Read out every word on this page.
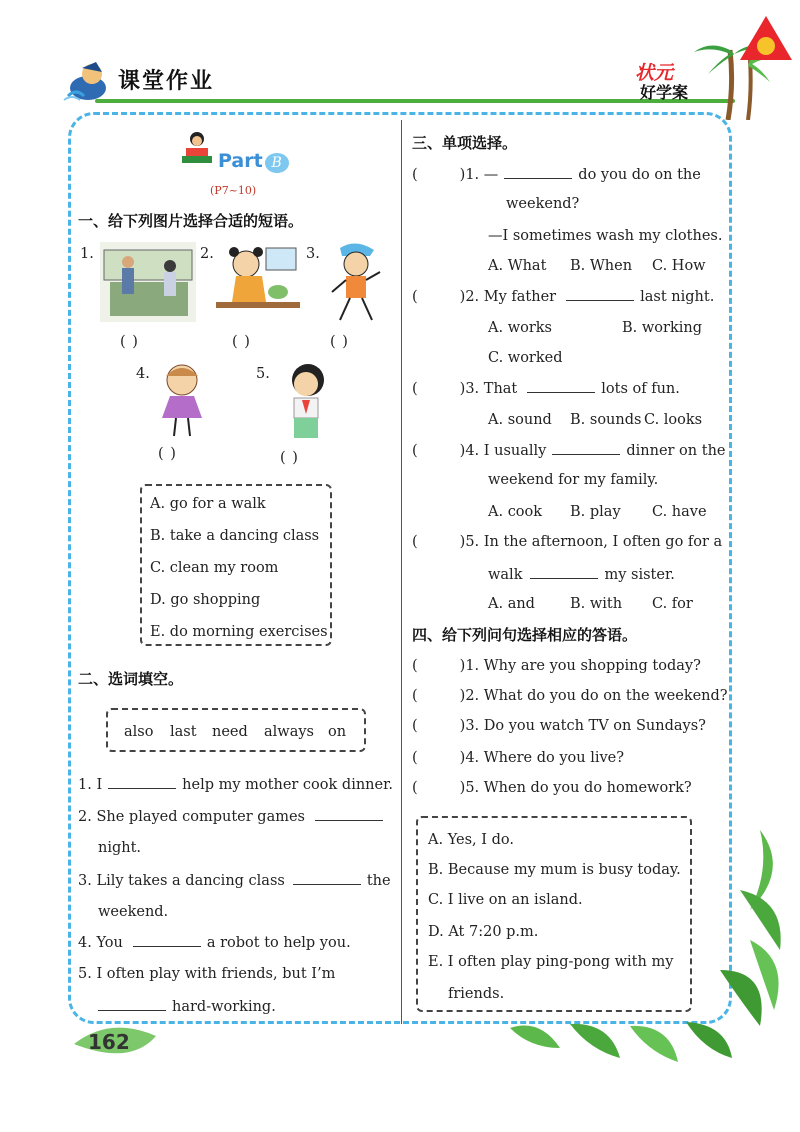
课堂作业	状元
好学案
Part B
(P7~10)
一、给下列图片选择合适的短语。
1.	2.	3.
( )	( )	( )
4.	5.
( )	( )
A. go for a walk
B. take a dancing class
C. clean my room
D. go shopping
E. do morning exercises
二、选词填空。
also last need always on
1. I	help my mother cook dinner.
2. She played computer games
night.
3. Lily takes a dancing class	the
weekend.
4. You	a robot to help you.
5. I often play with friends, but I’m
hard-working.
三、单项选择。
(	)1. —	do you do on the
weekend?
—I sometimes wash my clothes.
A. What B. When C. How
(	)2. My father	last night.
A. works	B. working
C. worked
(	)3. That	lots of fun.
A. sound B. sounds C. looks
(	)4. I usually	dinner on the
weekend for my family.
A. cook B. play C. have
(	)5. In the afternoon, I often go for a
walk	my sister.
A. and B. with C. for
四、给下列问句选择相应的答语。
(	)1. Why are you shopping today?
(	)2. What do you do on the weekend?
(	)3. Do you watch TV on Sundays?
(	)4. Where do you live?
(	)5. When do you do homework?
A. Yes, I do.
B. Because my mum is busy today.
C. I live on an island.
D. At 7:20 p.m.
E. I often play ping-pong with my
friends.
162
